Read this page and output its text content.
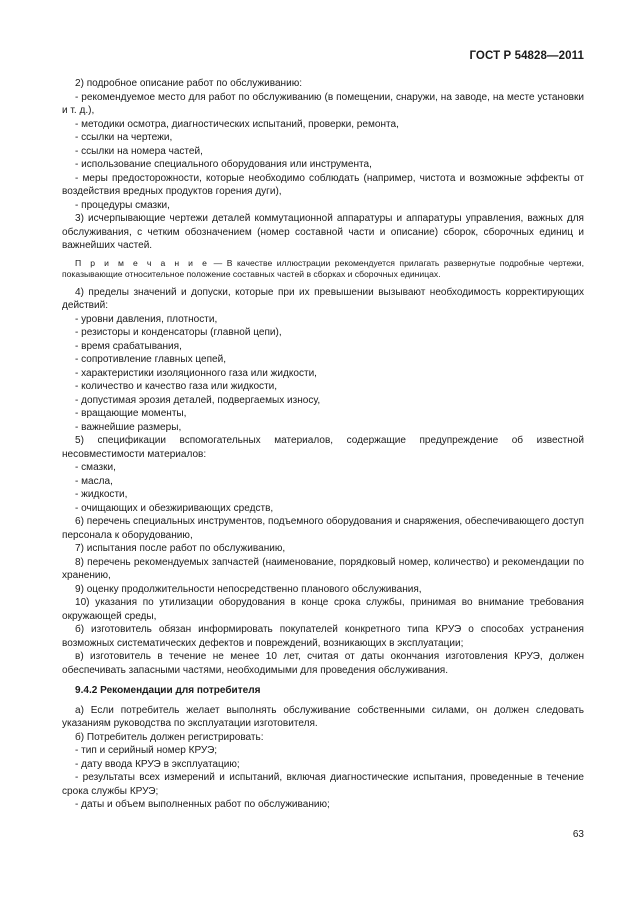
ГОСТ Р 54828—2011

2) подробное описание работ по обслуживанию:

- рекомендуемое место для работ по обслуживанию (в помещении, снаружи, на заводе, на месте установки и т. д.),

- методики осмотра, диагностических испытаний, проверки, ремонта,

- ссылки на чертежи,

- ссылки на номера частей,

- использование специального оборудования или инструмента,

- меры предосторожности, которые необходимо соблюдать (например, чистота и возможные эффекты от воздействия вредных продуктов горения дуги),

- процедуры смазки,

3) исчерпывающие чертежи деталей коммутационной аппаратуры и аппаратуры управления, важных для обслуживания, с четким обозначением (номер составной части и описание) сборок, сборочных единиц и важнейших частей.

П р и м е ч а н и е — В качестве иллюстрации рекомендуется прилагать развернутые подробные чертежи, показывающие относительное положение составных частей в сборках и сборочных единицах.

4) пределы значений и допуски, которые при их превышении вызывают необходимость корректирующих действий:

- уровни давления, плотности,

- резисторы и конденсаторы (главной цепи),

- время срабатывания,

- сопротивление главных цепей,

- характеристики изоляционного газа или жидкости,

- количество и качество газа или жидкости,

- допустимая эрозия деталей, подвергаемых износу,

- вращающие моменты,

- важнейшие размеры,

5) спецификации вспомогательных материалов, содержащие предупреждение об известной несовместимости материалов:

- смазки,

- масла,

- жидкости,

- очищающих и обезжиривающих средств,

6) перечень специальных инструментов, подъемного оборудования и снаряжения, обеспечивающего доступ персонала к оборудованию,

7) испытания после работ по обслуживанию,

8) перечень рекомендуемых запчастей (наименование, порядковый номер, количество) и рекомендации по хранению,

9) оценку продолжительности непосредственно планового обслуживания,

10) указания по утилизации оборудования в конце срока службы, принимая во внимание требования окружающей среды,

б) изготовитель обязан информировать покупателей конкретного типа КРУЭ о способах устранения возможных систематических дефектов и повреждений, возникающих в эксплуатации;

в) изготовитель в течение не менее 10 лет, считая от даты окончания изготовления КРУЭ, должен обеспечивать запасными частями, необходимыми для проведения обслуживания.

9.4.2 Рекомендации для потребителя

а) Если потребитель желает выполнять обслуживание собственными силами, он должен следовать указаниям руководства по эксплуатации изготовителя.

б) Потребитель должен регистрировать:

- тип и серийный номер КРУЭ;

- дату ввода КРУЭ в эксплуатацию;

- результаты всех измерений и испытаний, включая диагностические испытания, проведенные в течение срока службы КРУЭ;

- даты и объем выполненных работ по обслуживанию;

63
